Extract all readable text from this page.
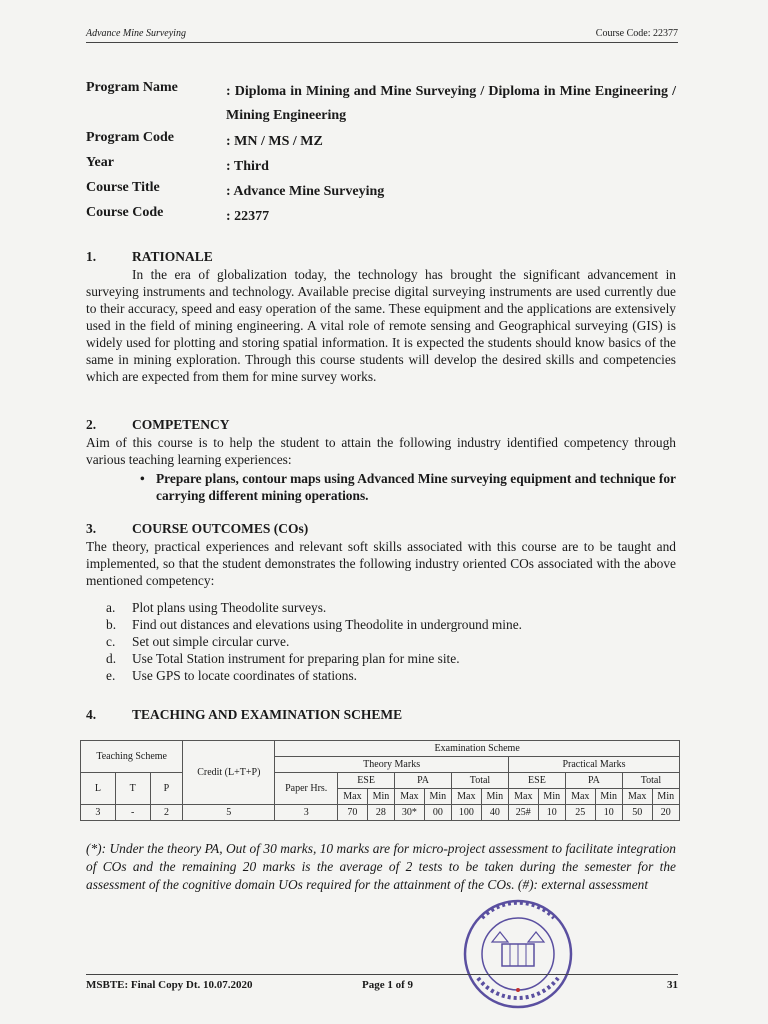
Advance Mine Surveying	Course Code: 22377
Program Name	: Diploma in Mining and Mine Surveying / Diploma in Mine Engineering / Mining Engineering
Program Code	: MN / MS / MZ
Year	: Third
Course Title	: Advance Mine Surveying
Course Code	: 22377
1.	RATIONALE
In the era of globalization today, the technology has brought the significant advancement in surveying instruments and technology. Available precise digital surveying instruments are used currently due to their accuracy, speed and easy operation of the same. These equipment and the applications are extensively used in the field of mining engineering. A vital role of remote sensing and Geographical surveying (GIS) is widely used for plotting and storing spatial information. It is expected the students should know basics of the same in mining exploration. Through this course students will develop the desired skills and competencies which are expected from them for mine survey works.
2.	COMPETENCY
Aim of this course is to help the student to attain the following industry identified competency through various teaching learning experiences:
• Prepare plans, contour maps using Advanced Mine surveying equipment and technique for carrying different mining operations.
3.	COURSE OUTCOMES (COs)
The theory, practical experiences and relevant soft skills associated with this course are to be taught and implemented, so that the student demonstrates the following industry oriented COs associated with the above mentioned competency:
a. Plot plans using Theodolite surveys.
b. Find out distances and elevations using Theodolite in underground mine.
c. Set out simple circular curve.
d. Use Total Station instrument for preparing plan for mine site.
e. Use GPS to locate coordinates of stations.
4.	TEACHING AND EXAMINATION SCHEME
Teaching Scheme			Credit (L+T+P)	Examination Scheme												
				Theory Marks							Practical Marks					
L	T	P		Paper Hrs.	ESE		PA		Total		ESE		PA		Total	
					Max	Min	Max	Min	Max	Min	Max	Min	Max	Min	Max	Min
3	-	2	5	3	70	28	30*	00	100	40	25#	10	25	10	50	20
(*): Under the theory PA, Out of 30 marks, 10 marks are for micro-project assessment to facilitate integration of COs and the remaining 20 marks is the average of 2 tests to be taken during the semester for the assessment of the cognitive domain UOs required for the attainment of the COs. (#): external assessment
MSBTE: Final Copy Dt. 10.07.2020	Page 1 of 9	31
